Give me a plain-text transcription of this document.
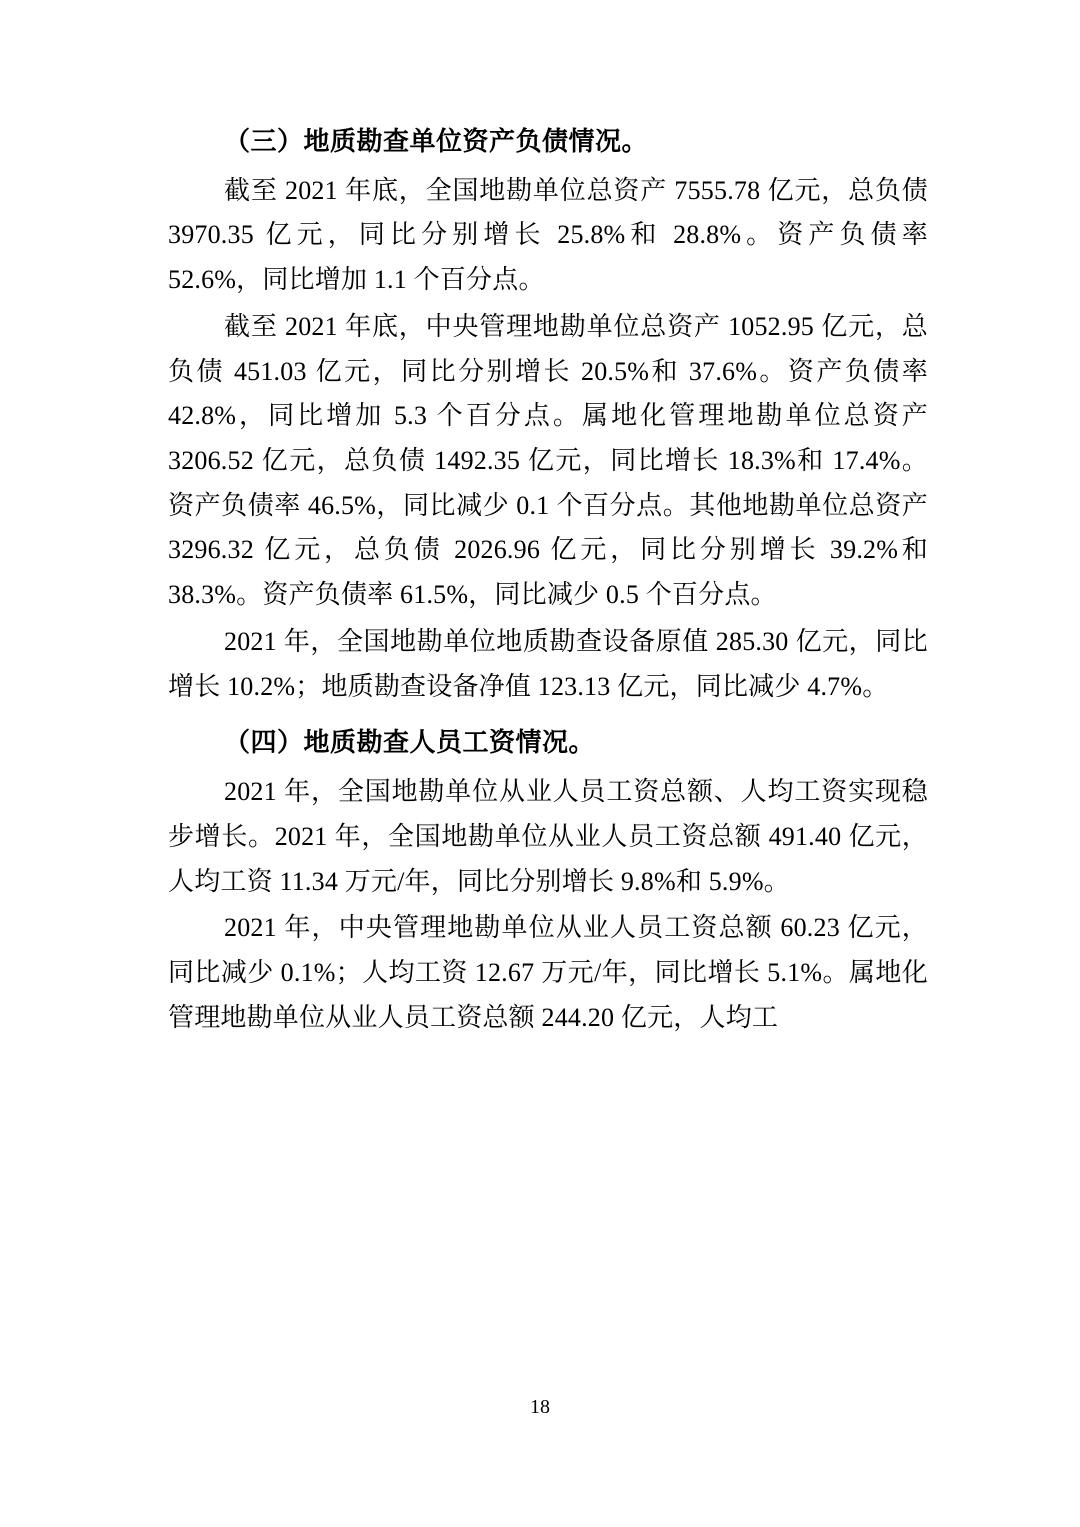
（三）地质勘查单位资产负债情况。

截至 2021 年底，全国地勘单位总资产 7555.78 亿元，总负债 3970.35 亿元，同比分别增长 25.8%和 28.8%。资产负债率 52.6%，同比增加 1.1 个百分点。

截至 2021 年底，中央管理地勘单位总资产 1052.95 亿元，总负债 451.03 亿元，同比分别增长 20.5%和 37.6%。资产负债率 42.8%，同比增加 5.3 个百分点。属地化管理地勘单位总资产 3206.52 亿元，总负债 1492.35 亿元，同比增长 18.3%和 17.4%。资产负债率 46.5%，同比减少 0.1 个百分点。其他地勘单位总资产 3296.32 亿元，总负债 2026.96 亿元，同比分别增长 39.2%和 38.3%。资产负债率 61.5%，同比减少 0.5 个百分点。

2021 年，全国地勘单位地质勘查设备原值 285.30 亿元，同比增长 10.2%；地质勘查设备净值 123.13 亿元，同比减少 4.7%。

（四）地质勘查人员工资情况。

2021 年，全国地勘单位从业人员工资总额、人均工资实现稳步增长。2021 年，全国地勘单位从业人员工资总额 491.40 亿元，人均工资 11.34 万元/年，同比分别增长 9.8%和 5.9%。

2021 年，中央管理地勘单位从业人员工资总额 60.23 亿元，同比减少 0.1%；人均工资 12.67 万元/年，同比增长 5.1%。属地化管理地勘单位从业人员工资总额 244.20 亿元，人均工

18
